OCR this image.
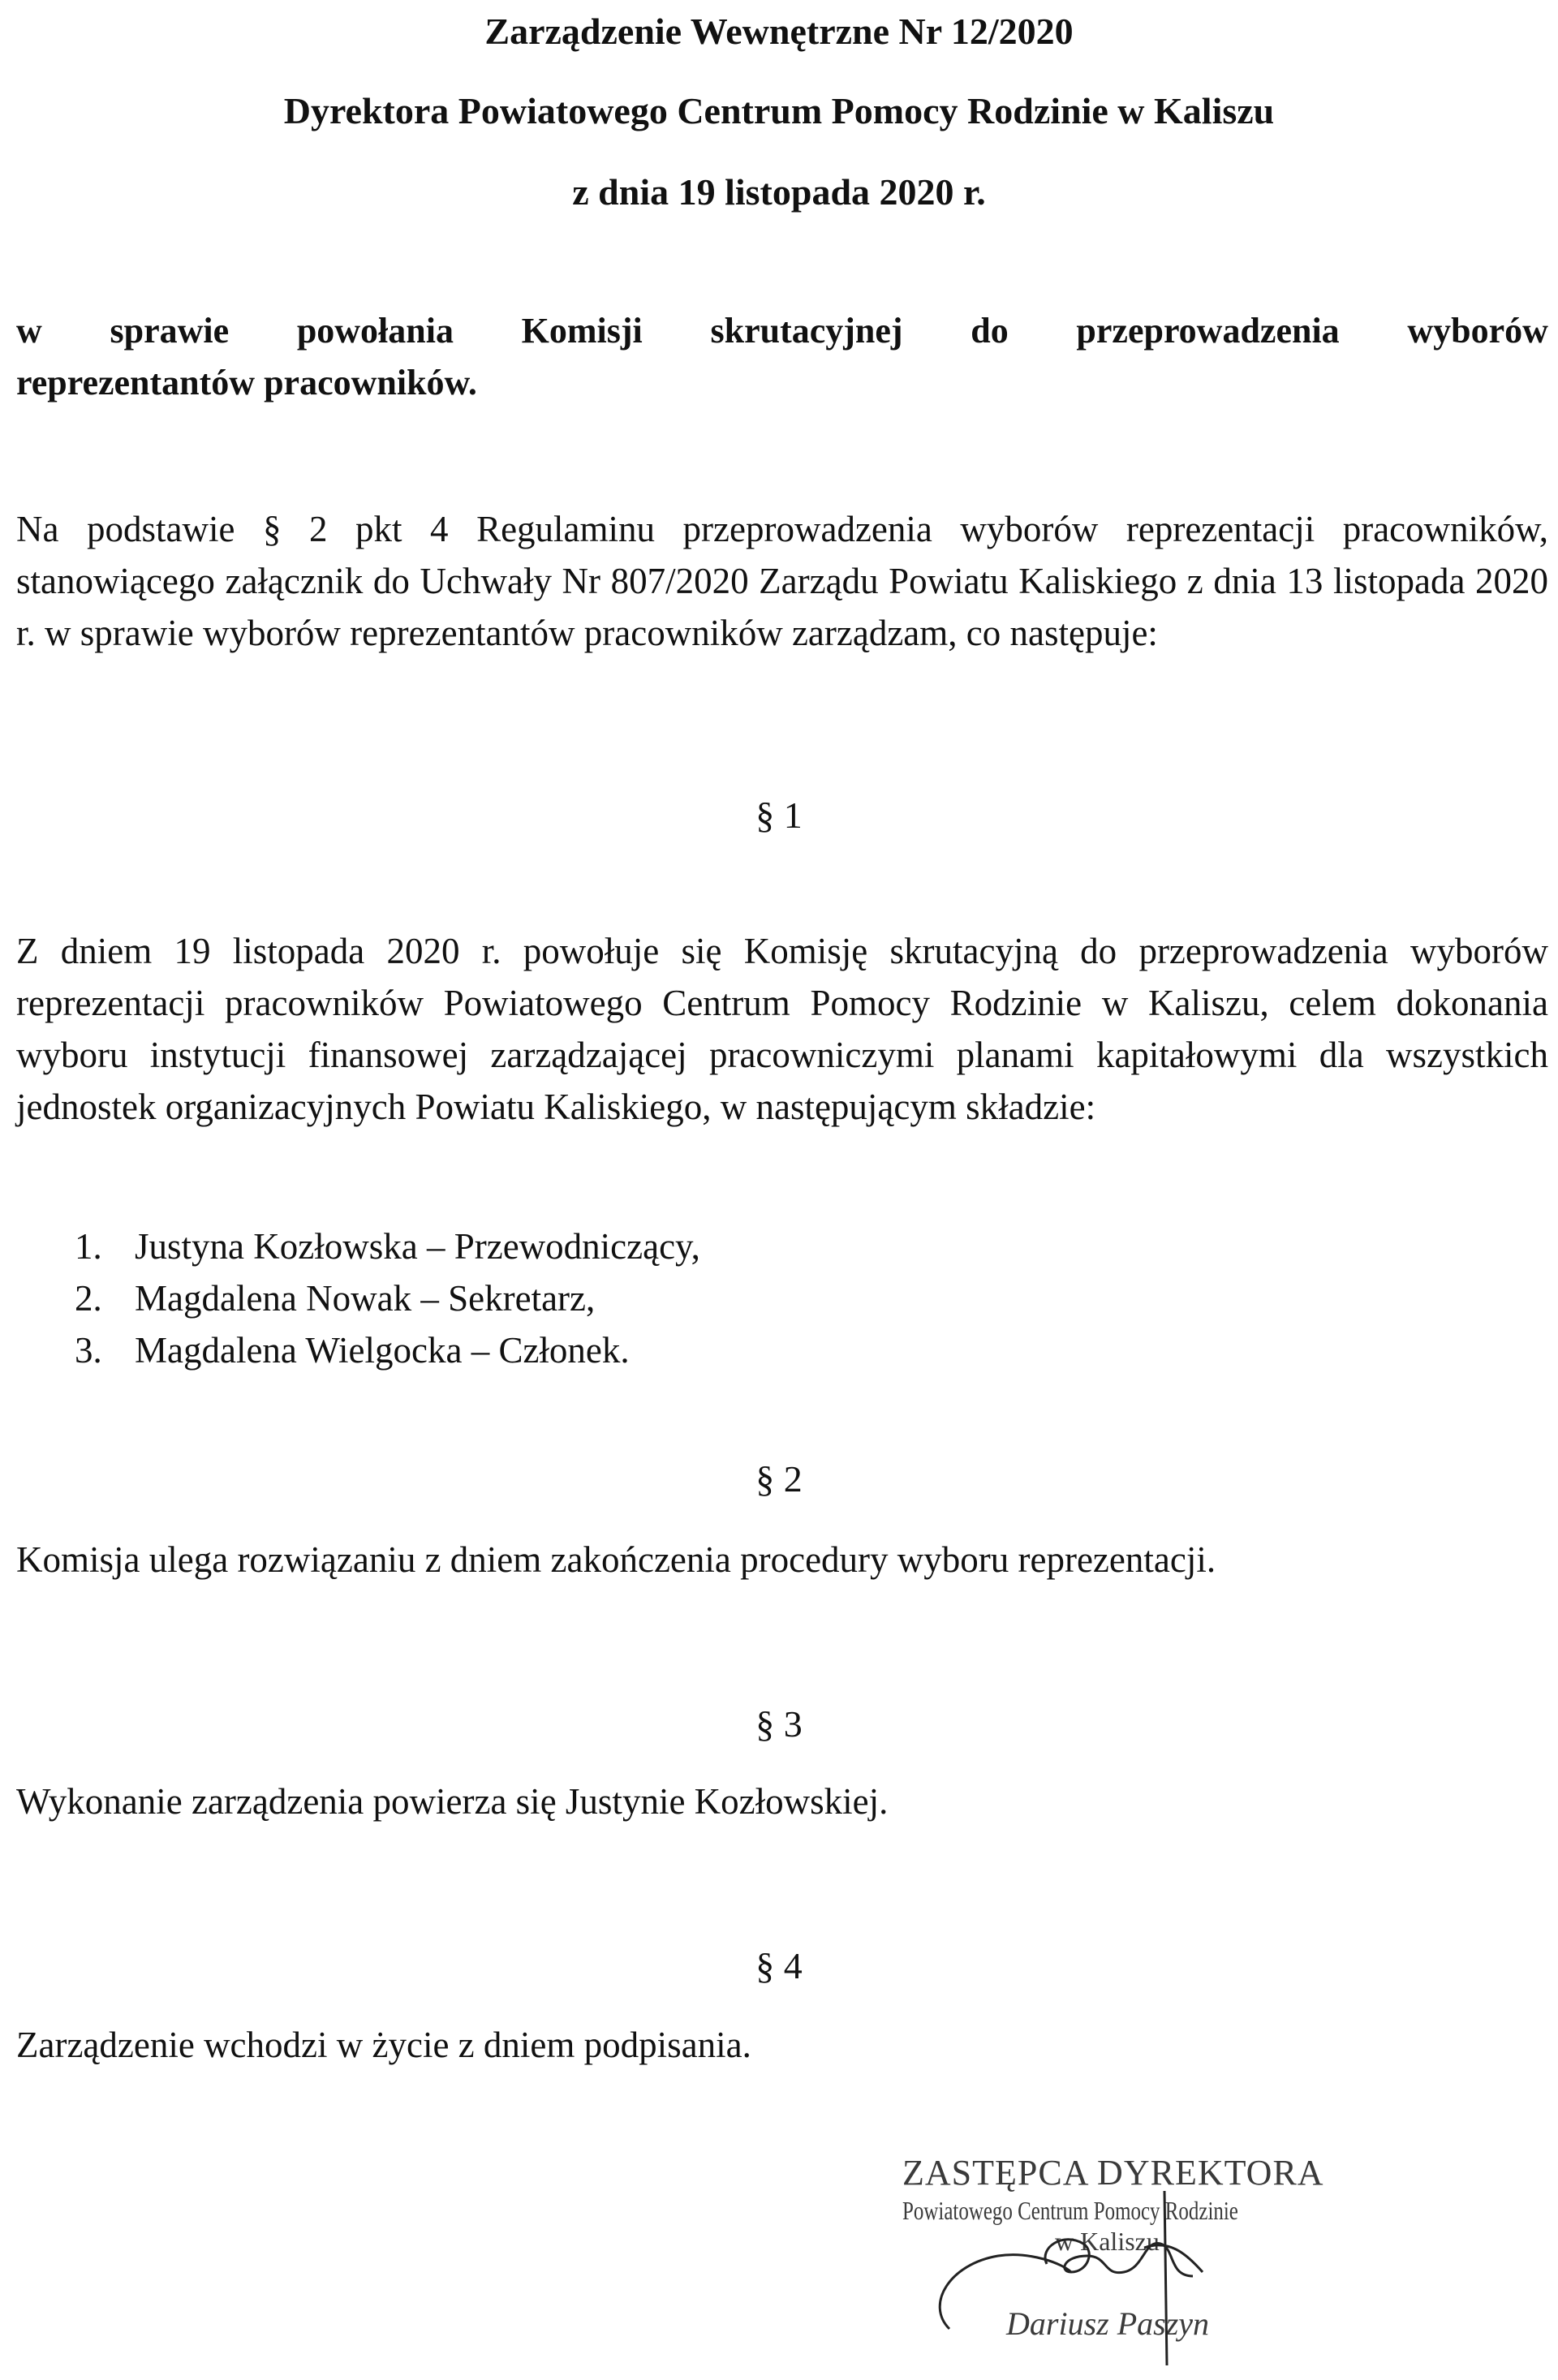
Zarządzenie Wewnętrzne Nr 12/2020
Dyrektora Powiatowego Centrum Pomocy Rodzinie w Kaliszu
z dnia 19 listopada 2020 r.
w sprawie powołania Komisji skrutacyjnej do przeprowadzenia wyborów
reprezentantów pracowników.
Na podstawie § 2 pkt 4 Regulaminu przeprowadzenia wyborów reprezentacji pracowników, stanowiącego załącznik do Uchwały Nr 807/2020 Zarządu Powiatu Kaliskiego z dnia 13 listopada 2020 r. w sprawie wyborów reprezentantów pracowników zarządzam, co następuje:
§ 1
Z dniem 19 listopada 2020 r. powołuje się Komisję skrutacyjną do przeprowadzenia wyborów reprezentacji pracowników Powiatowego Centrum Pomocy Rodzinie w Kaliszu, celem dokonania wyboru instytucji finansowej zarządzającej pracowniczymi planami kapitałowymi dla wszystkich jednostek organizacyjnych Powiatu Kaliskiego, w następującym składzie:
1. Justyna Kozłowska – Przewodniczący,
2. Magdalena Nowak – Sekretarz,
3. Magdalena Wielgocka – Członek.
§ 2
Komisja ulega rozwiązaniu z dniem zakończenia procedury wyboru reprezentacji.
§ 3
Wykonanie zarządzenia powierza się Justynie Kozłowskiej.
§ 4
Zarządzenie wchodzi w życie z dniem podpisania.
ZASTĘPCA DYREKTORA
Powiatowego Centrum Pomocy Rodzinie
w Kaliszu
Dariusz Paszyn
